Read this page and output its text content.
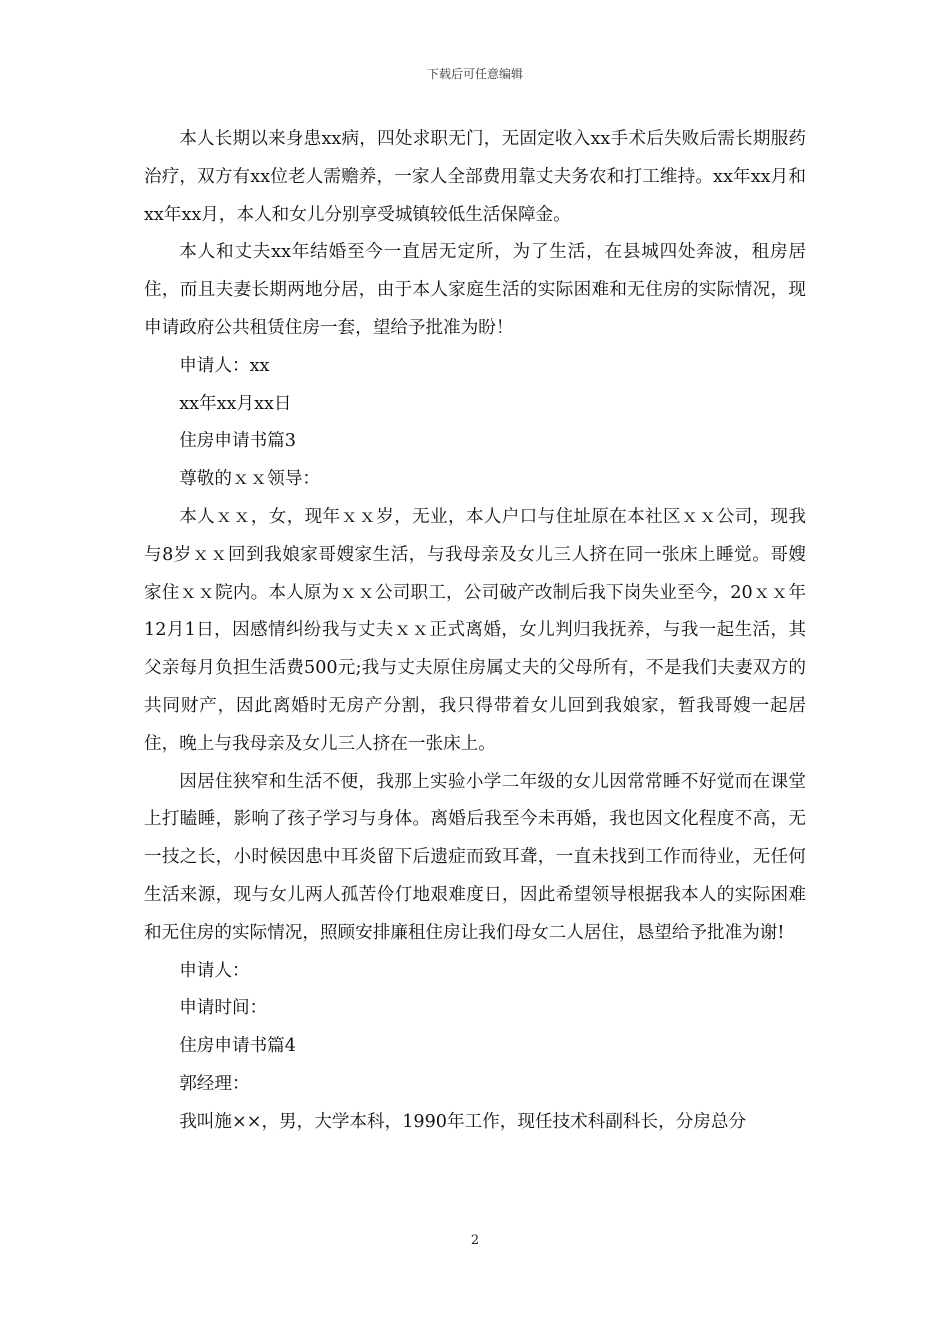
下载后可任意编辑

本人长期以来身患xx病，四处求职无门，无固定收入xx手术后失败后需长期服药治疗，双方有xx位老人需赡养，一家人全部费用靠丈夫务农和打工维持。xx年xx月和xx年xx月，本人和女儿分别享受城镇较低生活保障金。

本人和丈夫xx年结婚至今一直居无定所，为了生活，在县城四处奔波，租房居住，而且夫妻长期两地分居，由于本人家庭生活的实际困难和无住房的实际情况，现申请政府公共租赁住房一套，望给予批准为盼！

申请人：xx

xx年xx月xx日

住房申请书篇3

尊敬的ｘｘ领导：

本人ｘｘ，女，现年ｘｘ岁，无业，本人户口与住址原在本社区ｘｘ公司，现我与8岁ｘｘ回到我娘家哥嫂家生活，与我母亲及女儿三人挤在同一张床上睡觉。哥嫂家住ｘｘ院内。本人原为ｘｘ公司职工，公司破产改制后我下岗失业至今，20ｘｘ年12月1日，因感情纠纷我与丈夫ｘｘ正式离婚，女儿判归我抚养，与我一起生活，其父亲每月负担生活费500元;我与丈夫原住房属丈夫的父母所有，不是我们夫妻双方的共同财产，因此离婚时无房产分割，我只得带着女儿回到我娘家，暂我哥嫂一起居住，晚上与我母亲及女儿三人挤在一张床上。

因居住狭窄和生活不便，我那上实验小学二年级的女儿因常常睡不好觉而在课堂上打瞌睡，影响了孩子学习与身体。离婚后我至今未再婚，我也因文化程度不高，无一技之长，小时候因患中耳炎留下后遗症而致耳聋，一直未找到工作而待业，无任何生活来源，现与女儿两人孤苦伶仃地艰难度日，因此希望领导根据我本人的实际困难和无住房的实际情况，照顾安排廉租住房让我们母女二人居住，恳望给予批准为谢!

申请人：

申请时间：

住房申请书篇4

郭经理：

我叫施××，男，大学本科，1990年工作，现任技术科副科长，分房总分

2
